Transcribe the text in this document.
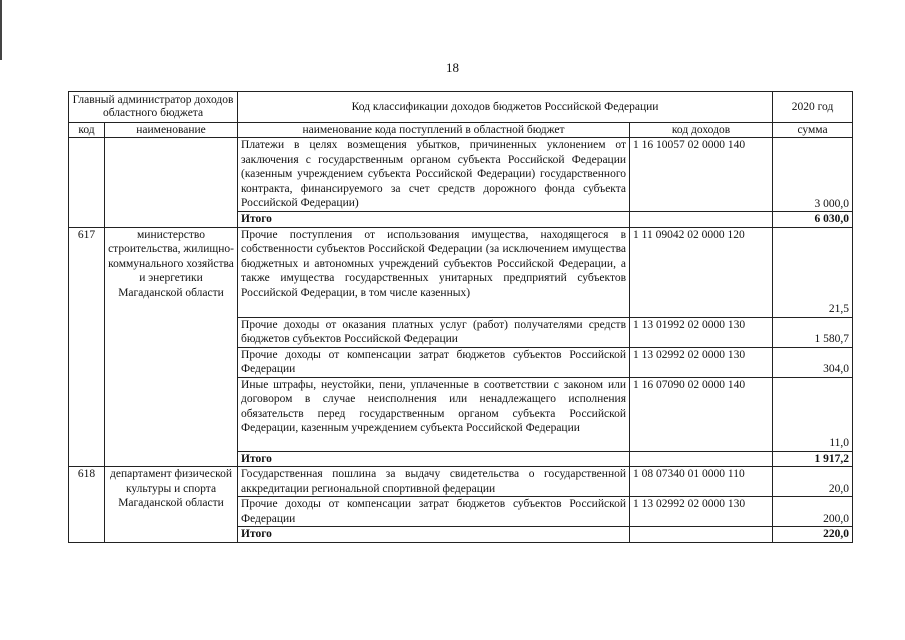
18
Главный администратор доходов областного бюджета		Код классификации доходов бюджетов Российской Федерации		2020 год
код	наименование	наименование кода поступлений в областной бюджет	код доходов	сумма
		Платежи в целях возмещения убытков, причиненных уклонением от заключения с государственным органом субъекта Российской Федерации (казенным учреждением субъекта Российской Федерации) государственного контракта, финансируемого за счет средств дорожного фонда субъекта Российской Федерации)	1 16 10057 02 0000 140	3 000,0
		Итого		6 030,0
617	министерство строительства, жилищно-коммунального хозяйства и энергетики Магаданской области	Прочие поступления от использования имущества, находящегося в собственности субъектов Российской Федерации (за исключением имущества бюджетных и автономных учреждений субъектов Российской Федерации, а также имущества государственных унитарных предприятий субъектов Российской Федерации, в том числе казенных)	1 11 09042 02 0000 120	21,5
		Прочие доходы от оказания платных услуг (работ) получателями средств бюджетов субъектов Российской Федерации	1 13 01992 02 0000 130	1 580,7
		Прочие доходы от компенсации затрат бюджетов субъектов Российской Федерации	1 13 02992 02 0000 130	304,0
		Иные штрафы, неустойки, пени, уплаченные в соответствии с законом или договором в случае неисполнения или ненадлежащего исполнения обязательств перед государственным органом субъекта Российской Федерации, казенным учреждением субъекта Российской Федерации	1 16 07090 02 0000 140	11,0
		Итого		1 917,2
618	департамент физической культуры и спорта Магаданской области	Государственная пошлина за выдачу свидетельства о государственной аккредитации региональной спортивной федерации	1 08 07340 01 0000 110	20,0
		Прочие доходы от компенсации затрат бюджетов субъектов Российской Федерации	1 13 02992 02 0000 130	200,0
		Итого		220,0
